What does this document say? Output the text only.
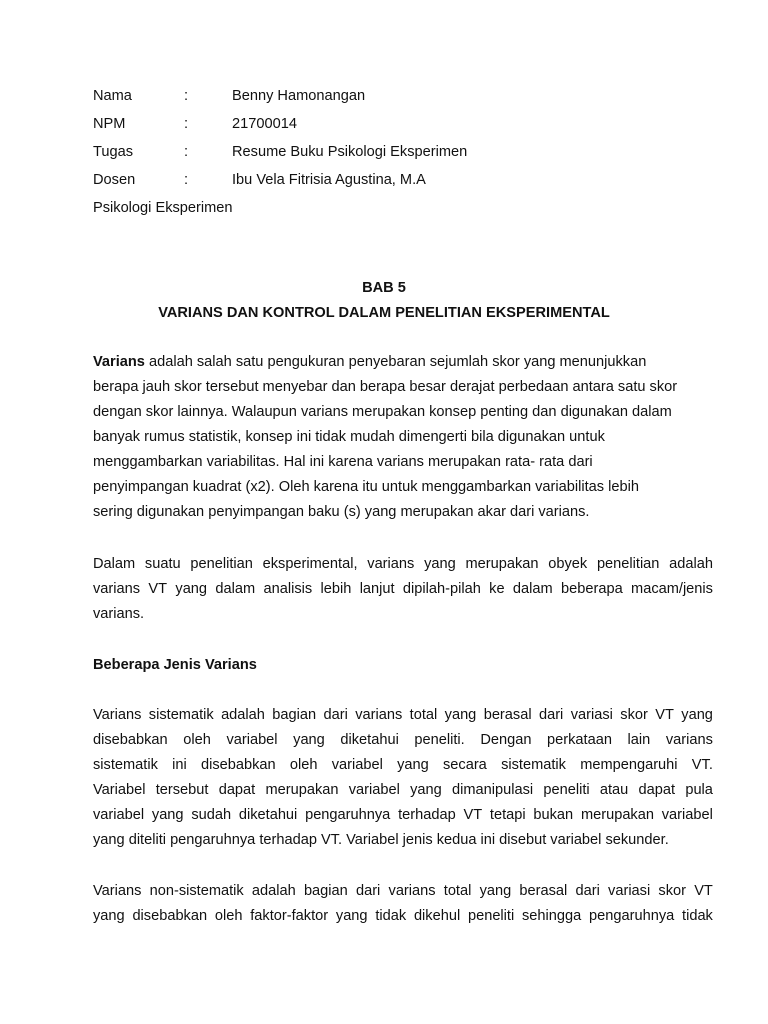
Nama	:	Benny Hamonangan
NPM	:	21700014
Tugas	:	Resume Buku Psikologi Eksperimen
Dosen	:	Ibu Vela Fitrisia Agustina, M.A
Psikologi Eksperimen
BAB 5
VARIANS DAN KONTROL DALAM PENELITIAN EKSPERIMENTAL
Varians adalah salah satu pengukuran penyebaran sejumlah skor yang menunjukkan
berapa jauh skor tersebut menyebar dan berapa besar derajat perbedaan antara satu skor
dengan skor lainnya. Walaupun varians merupakan konsep penting dan digunakan dalam
banyak rumus statistik, konsep ini tidak mudah dimengerti bila digunakan untuk
menggambarkan variabilitas. Hal ini karena varians merupakan rata- rata dari
penyimpangan kuadrat (x2). Oleh karena itu untuk menggambarkan variabilitas lebih
sering digunakan penyimpangan baku (s) yang merupakan akar dari varians.
Dalam suatu penelitian eksperimental, varians yang merupakan obyek penelitian adalah
varians VT yang dalam analisis lebih lanjut dipilah-pilah ke dalam beberapa macam/jenis
varians.
Beberapa Jenis Varians
Varians sistematik adalah bagian dari varians total yang berasal dari variasi skor VT yang
disebabkan oleh variabel yang diketahui peneliti. Dengan perkataan lain varians
sistematik ini disebabkan oleh variabel yang secara sistematik mempengaruhi VT.
Variabel tersebut dapat merupakan variabel yang dimanipulasi peneliti atau dapat pula
variabel yang sudah diketahui pengaruhnya terhadap VT tetapi bukan merupakan variabel
yang diteliti pengaruhnya terhadap VT. Variabel jenis kedua ini disebut variabel sekunder.
Varians non-sistematik adalah bagian dari varians total yang berasal dari variasi skor VT
yang disebabkan oleh faktor-faktor yang tidak dikehul peneliti sehingga pengaruhnya tidak
